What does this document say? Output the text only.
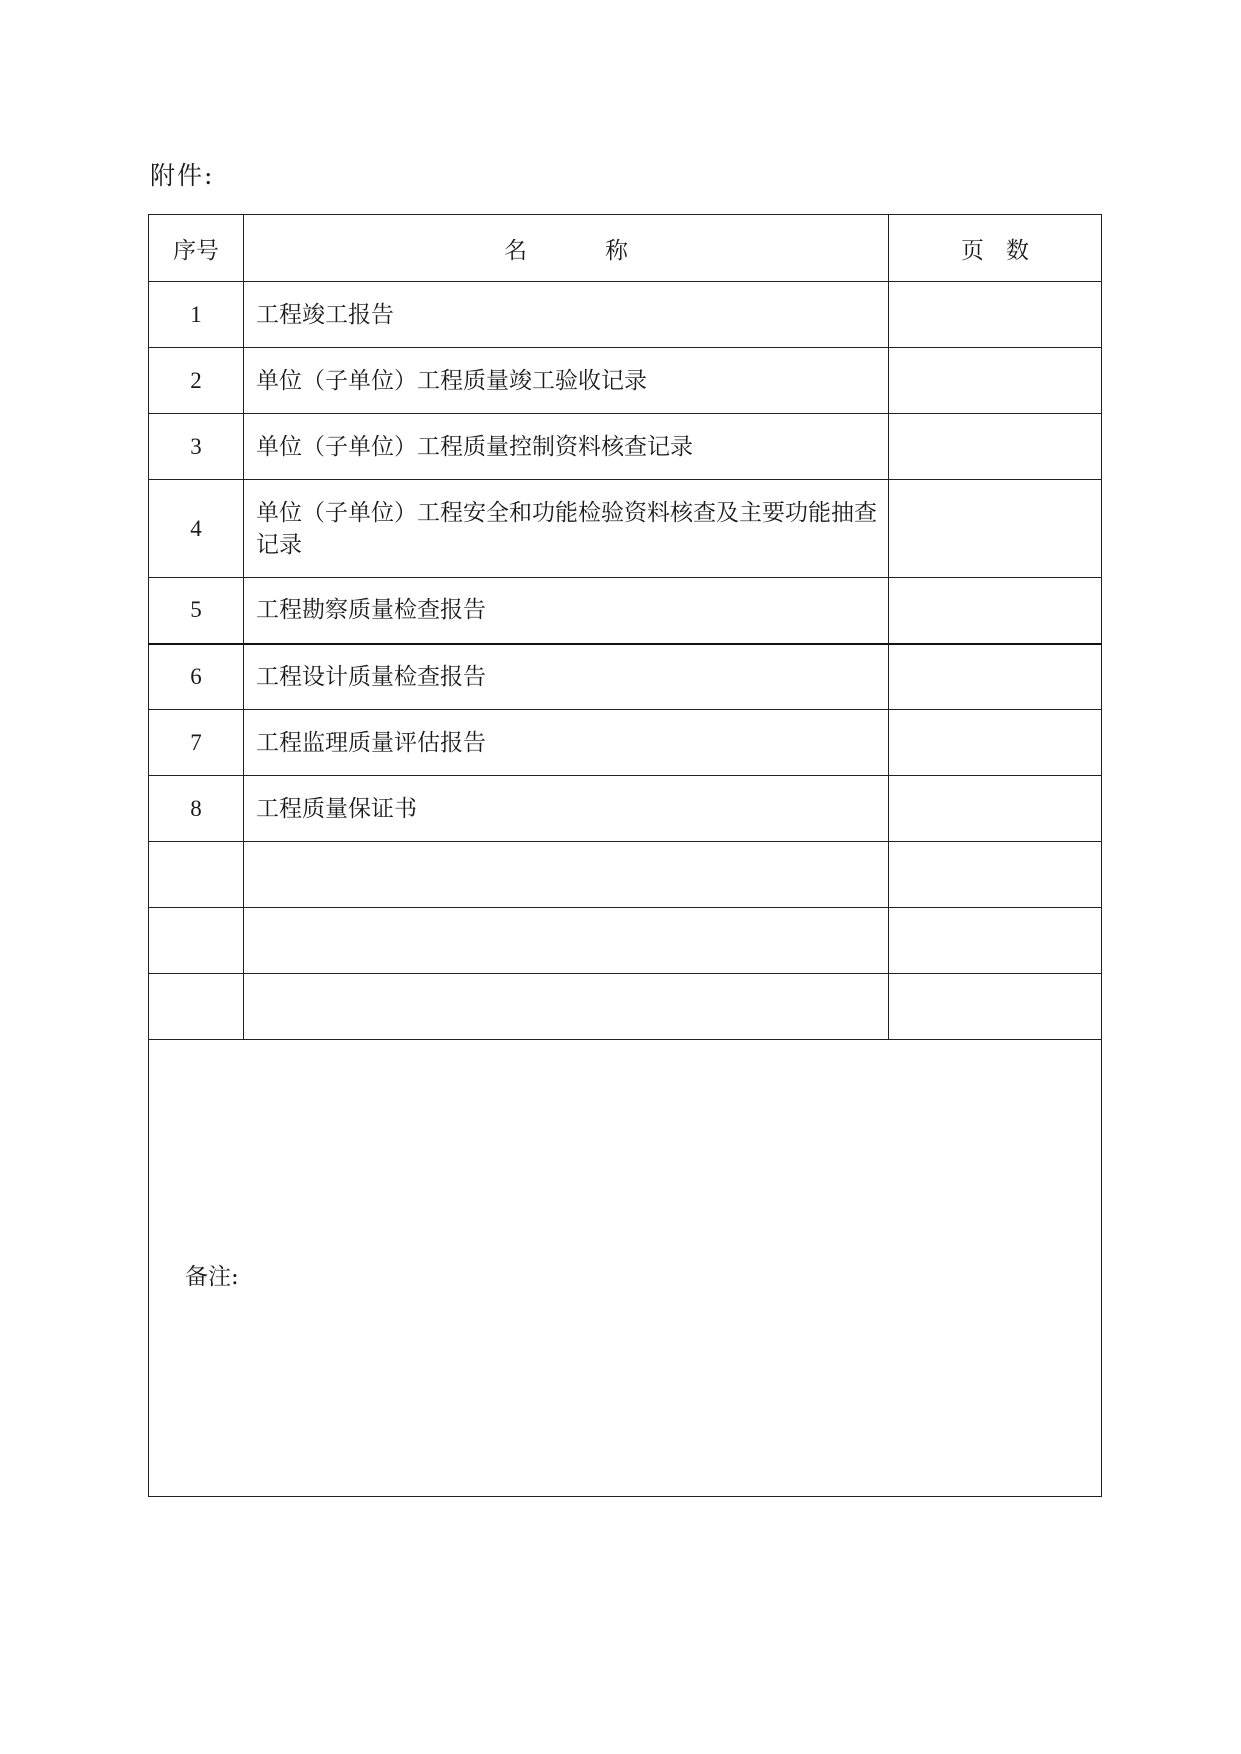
附件:
序号	名 称	页 数
1	工程竣工报告	
2	单位（子单位）工程质量竣工验收记录	
3	单位（子单位）工程质量控制资料核查记录	
4	单位（子单位）工程安全和功能检验资料核查及主要功能抽查记录	
5	工程勘察质量检查报告	
6	工程设计质量检查报告	
7	工程监理质量评估报告	
8	工程质量保证书	

备注:		
